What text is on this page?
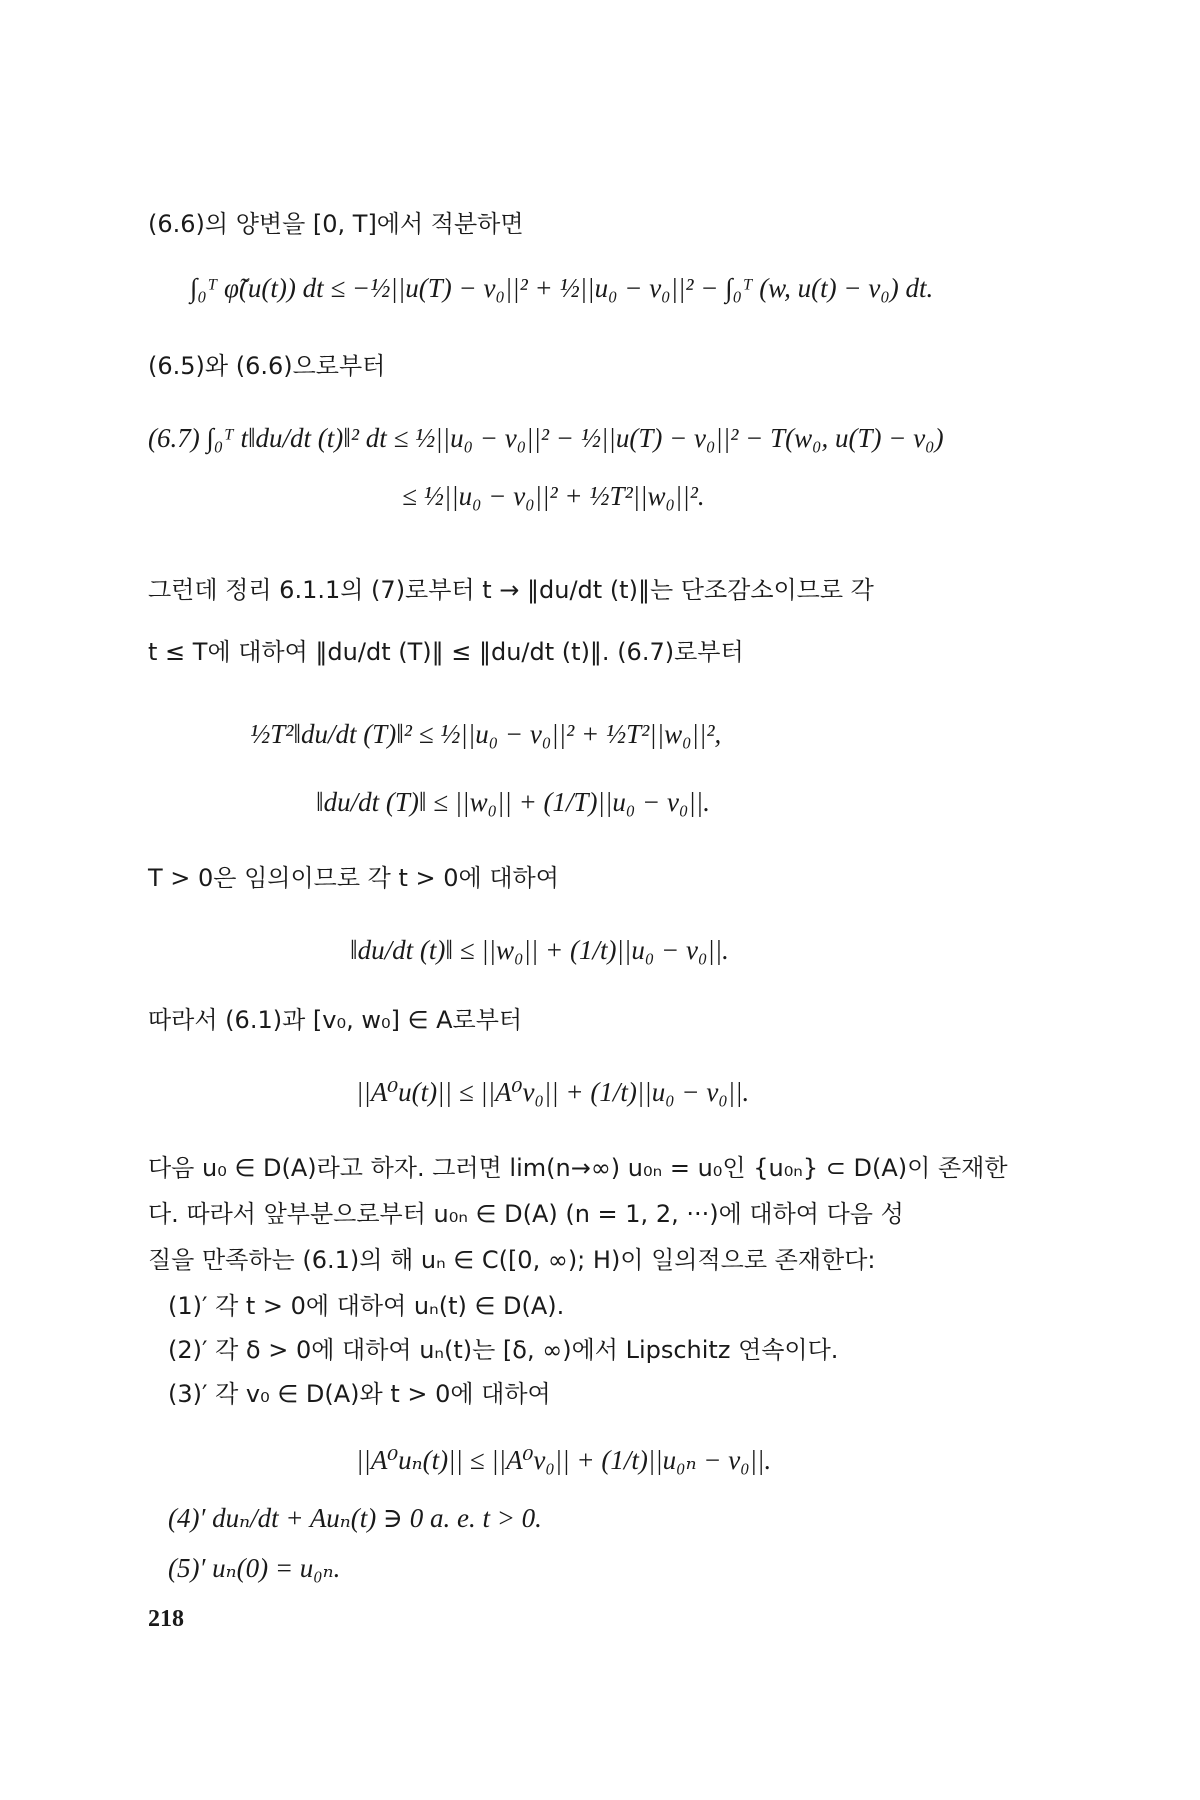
(6.6)의 양변을 [0, T]에서 적분하면
∫₀ᵀ φ̃(u(t)) dt ≤ −½||u(T) − v₀||² + ½||u₀ − v₀||² − ∫₀ᵀ (w, u(t) − v₀) dt.
(6.5)와 (6.6)으로부터
(6.7) ∫₀ᵀ t‖du/dt (t)‖² dt ≤ ½||u₀ − v₀||² − ½||u(T) − v₀||² − T(w₀, u(T) − v₀)
≤ ½||u₀ − v₀||² + ½T²||w₀||².
그런데 정리 6.1.1의 (7)로부터 t → ‖du/dt (t)‖는 단조감소이므로 각
t ≤ T에 대하여 ‖du/dt (T)‖ ≤ ‖du/dt (t)‖. (6.7)로부터
½T²‖du/dt (T)‖² ≤ ½||u₀ − v₀||² + ½T²||w₀||²,
‖du/dt (T)‖ ≤ ||w₀|| + (1/T)||u₀ − v₀||.
T > 0은 임의이므로 각 t > 0에 대하여
‖du/dt (t)‖ ≤ ||w₀|| + (1/t)||u₀ − v₀||.
따라서 (6.1)과 [v₀, w₀] ∈ A로부터
||A⁰u(t)|| ≤ ||A⁰v₀|| + (1/t)||u₀ − v₀||.
다음 u₀ ∈ D(A)라고 하자. 그러면 lim(n→∞) u₀ₙ = u₀인 {u₀ₙ} ⊂ D(A)이 존재한
다. 따라서 앞부분으로부터 u₀ₙ ∈ D(A) (n = 1, 2, ···)에 대하여 다음 성
질을 만족하는 (6.1)의 해 uₙ ∈ C([0, ∞); H)이 일의적으로 존재한다:
(1)′ 각 t > 0에 대하여 uₙ(t) ∈ D(A).
(2)′ 각 δ > 0에 대하여 uₙ(t)는 [δ, ∞)에서 Lipschitz 연속이다.
(3)′ 각 v₀ ∈ D(A)와 t > 0에 대하여
||A⁰uₙ(t)|| ≤ ||A⁰v₀|| + (1/t)||u₀ₙ − v₀||.
(4)′ duₙ/dt + Auₙ(t) ∋ 0 a. e. t > 0.
(5)′ uₙ(0) = u₀ₙ.
218
